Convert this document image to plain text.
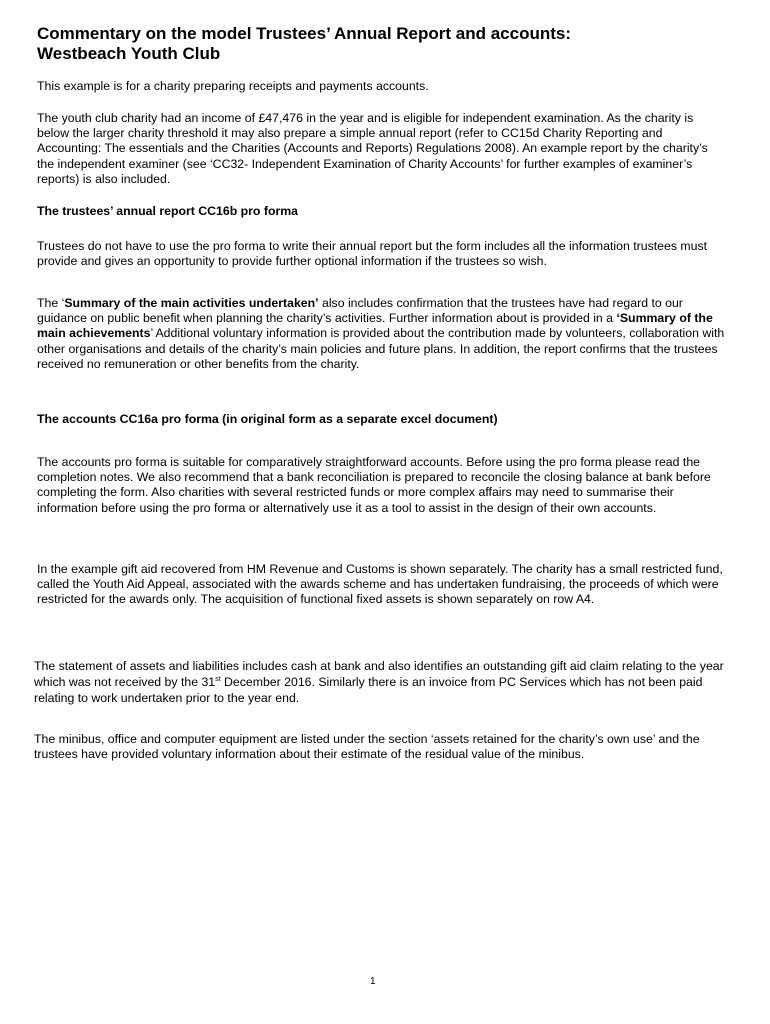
Commentary on the model Trustees’ Annual Report and accounts:
Westbeach Youth Club

This example is for a charity preparing receipts and payments accounts.

The youth club charity had an income of £47,476 in the year and is eligible for independent examination. As the charity is below the larger charity threshold it may also prepare a simple annual report (refer to CC15d Charity Reporting and Accounting: The essentials and the Charities (Accounts and Reports) Regulations 2008). An example report by the charity’s the independent examiner (see ‘CC32- Independent Examination of Charity Accounts’ for further examples of examiner’s reports) is also included.

The trustees’ annual report CC16b pro forma

Trustees do not have to use the pro forma to write their annual report but the form includes all the information trustees must provide and gives an opportunity to provide further optional information if the trustees so wish.

The ‘Summary of the main activities undertaken’ also includes confirmation that the trustees have had regard to our guidance on public benefit when planning the charity’s activities. Further information about is provided in a ‘Summary of the main achievements’ Additional voluntary information is provided about the contribution made by volunteers, collaboration with other organisations and details of the charity’s main policies and future plans. In addition, the report confirms that the trustees received no remuneration or other benefits from the charity.

The accounts CC16a pro forma (in original form as a separate excel document)

The accounts pro forma is suitable for comparatively straightforward accounts. Before using the pro forma please read the completion notes. We also recommend that a bank reconciliation is prepared to reconcile the closing balance at bank before completing the form. Also charities with several restricted funds or more complex affairs may need to summarise their information before using the pro forma or alternatively use it as a tool to assist in the design of their own accounts.

In the example gift aid recovered from HM Revenue and Customs is shown separately. The charity has a small restricted fund, called the Youth Aid Appeal, associated with the awards scheme and has undertaken fundraising, the proceeds of which were restricted for the awards only. The acquisition of functional fixed assets is shown separately on row A4.

The statement of assets and liabilities includes cash at bank and also identifies an outstanding gift aid claim relating to the year which was not received by the 31st December 2016. Similarly there is an invoice from PC Services which has not been paid relating to work undertaken prior to the year end.

The minibus, office and computer equipment are listed under the section ‘assets retained for the charity’s own use’ and the trustees have provided voluntary information about their estimate of the residual value of the minibus.

1
